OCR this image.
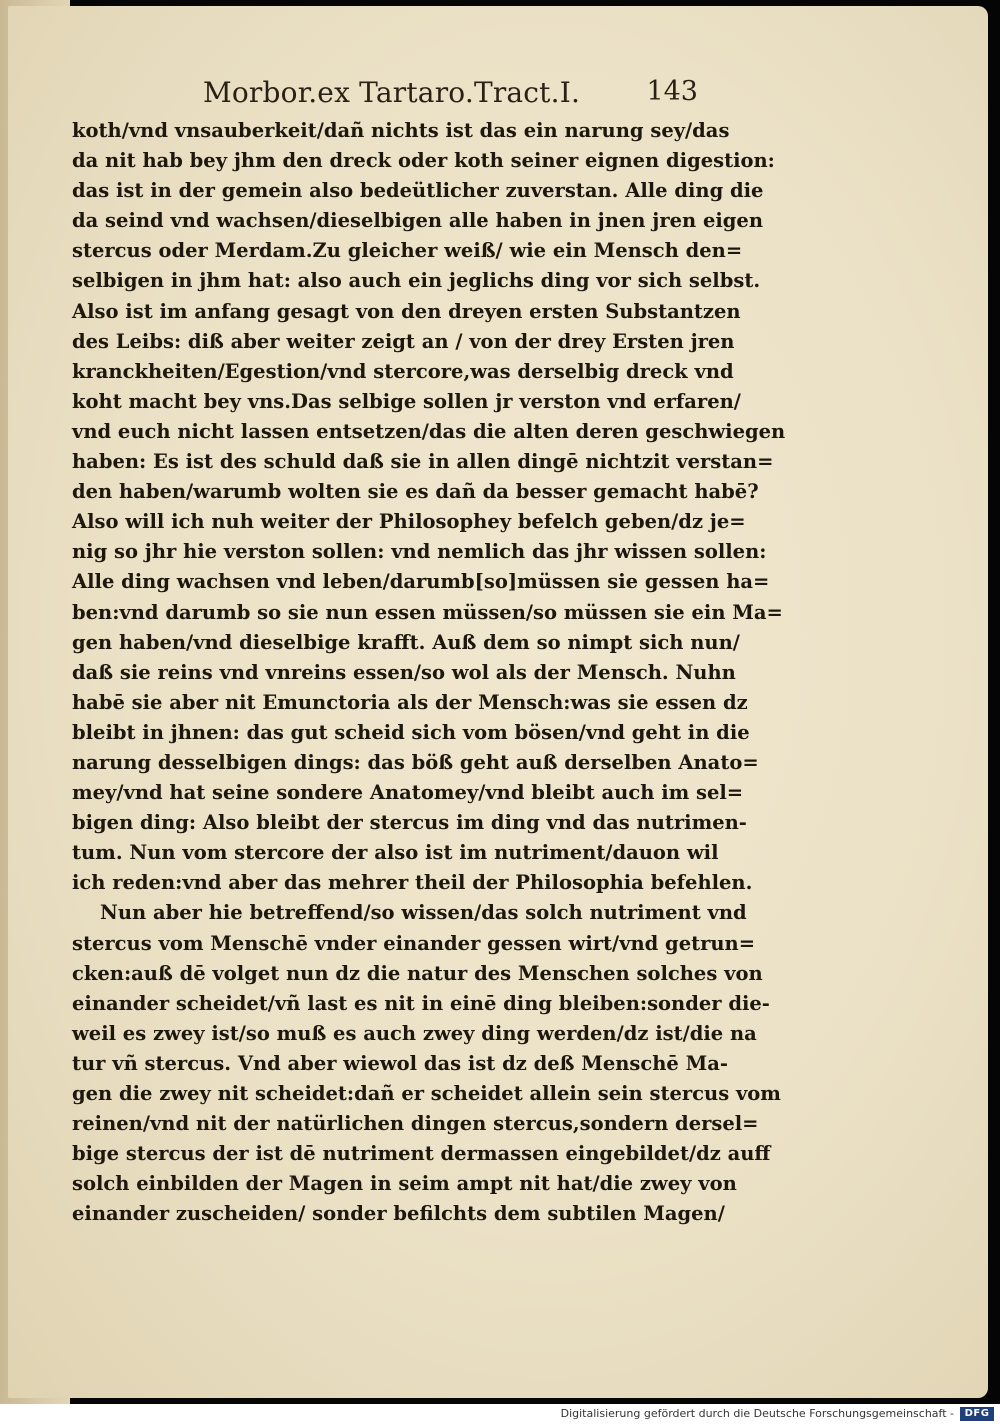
Morbor.ex Tartaro.Tract.I. 143
koth/vnd vnsauberkeit/dañ nichts ist das ein narung sey/das
da nit hab bey jhm den dreck oder koth seiner eignen digestion:
das ist in der gemein also bedeütlicher zuverstan. Alle ding die
da seind vnd wachsen/dieselbigen alle haben in jnen jren eigen
stercus oder Merdam.Zu gleicher weiß/ wie ein Mensch den=
selbigen in jhm hat: also auch ein jeglichs ding vor sich selbst.
Also ist im anfang gesagt von den dreyen ersten Substantzen
des Leibs: diß aber weiter zeigt an / von der drey Ersten jren
kranckheiten/Egestion/vnd stercore,was derselbig dreck vnd
koht macht bey vns.Das selbige sollen jr verston vnd erfaren/
vnd euch nicht lassen entsetzen/das die alten deren geschwiegen
haben: Es ist des schuld daß sie in allen dingē nichtzit verstan=
den haben/warumb wolten sie es dañ da besser gemacht habē?
Also will ich nuh weiter der Philosophey befelch geben/dz je=
nig so jhr hie verston sollen: vnd nemlich das jhr wissen sollen:
Alle ding wachsen vnd leben/darumb[so]müssen sie gessen ha=
ben:vnd darumb so sie nun essen müssen/so müssen sie ein Ma=
gen haben/vnd dieselbige krafft. Auß dem so nimpt sich nun/
daß sie reins vnd vnreins essen/so wol als der Mensch. Nuhn
habē sie aber nit Emunctoria als der Mensch:was sie essen dz
bleibt in jhnen: das gut scheid sich vom bösen/vnd geht in die
narung desselbigen dings: das böß geht auß derselben Anato=
mey/vnd hat seine sondere Anatomey/vnd bleibt auch im sel=
bigen ding: Also bleibt der stercus im ding vnd das nutrimen-
tum. Nun vom stercore der also ist im nutriment/dauon wil
ich reden:vnd aber das mehrer theil der Philosophia befehlen.
Nun aber hie betreffend/so wissen/das solch nutriment vnd
stercus vom Menschē vnder einander gessen wirt/vnd getrun=
cken:auß dē volget nun dz die natur des Menschen solches von
einander scheidet/vñ last es nit in einē ding bleiben:sonder die-
weil es zwey ist/so muß es auch zwey ding werden/dz ist/die na
tur vñ stercus. Vnd aber wiewol das ist dz deß Menschē Ma-
gen die zwey nit scheidet:dañ er scheidet allein sein stercus vom
reinen/vnd nit der natürlichen dingen stercus,sondern dersel=
bige stercus der ist dē nutriment dermassen eingebildet/dz auff
solch einbilden der Magen in seim ampt nit hat/die zwey von
einander zuscheiden/ sonder befilchts dem subtilen Magen/
Digitalisierung gefördert durch die Deutsche Forschungsgemeinschaft -	DFG
